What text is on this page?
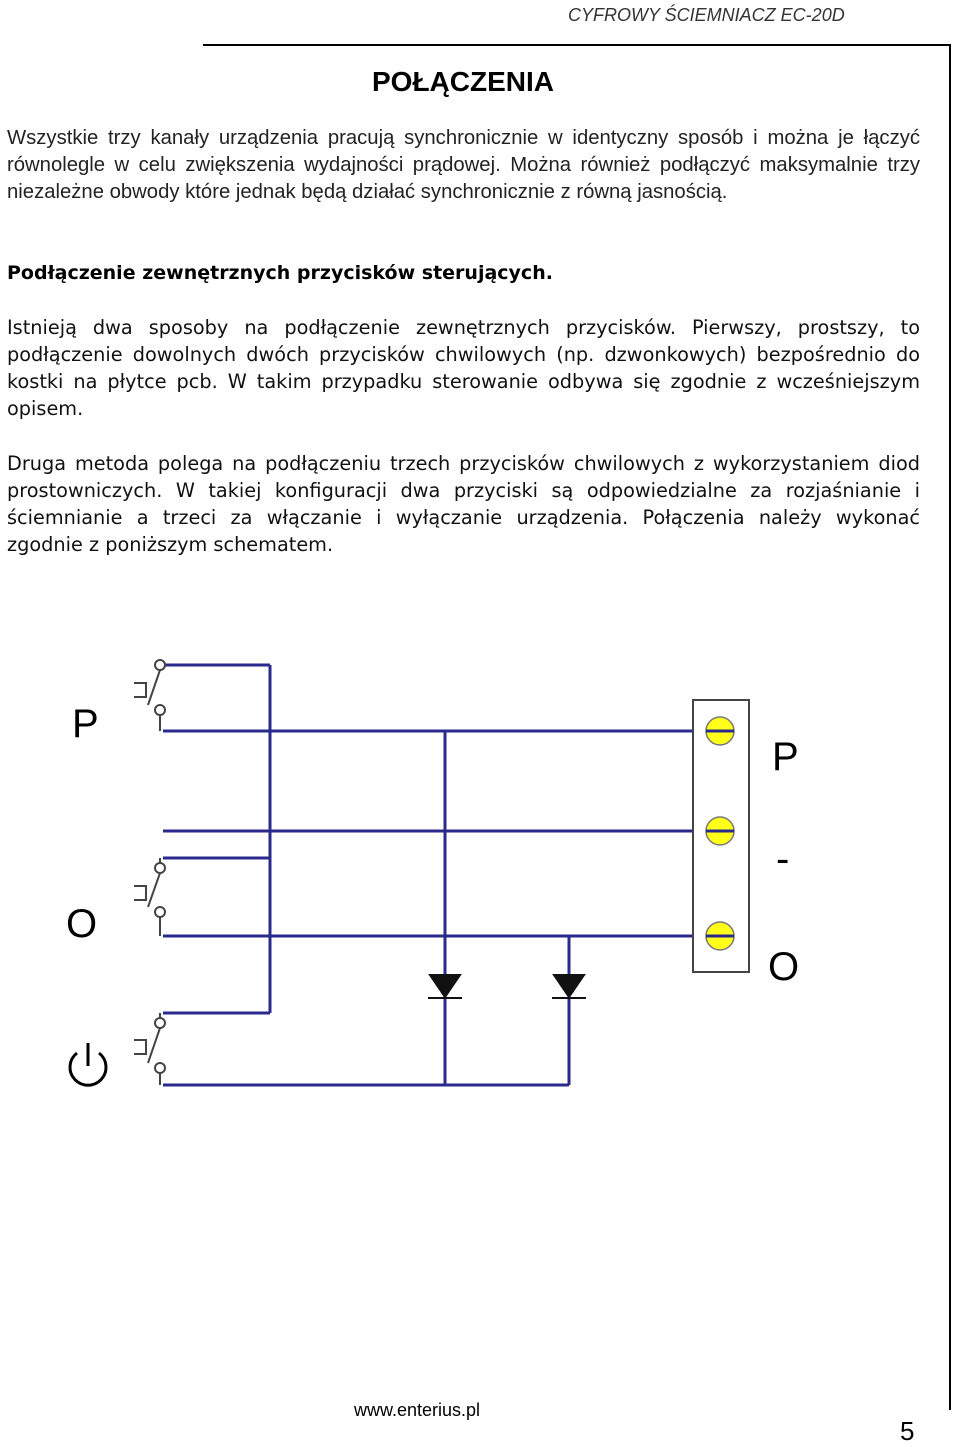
CYFROWY ŚCIEMNIACZ EC-20D
POŁĄCZENIA

Wszystkie trzy kanały urządzenia pracują synchronicznie w identyczny sposób i można je łączyć równolegle w celu zwiększenia wydajności prądowej. Można również podłączyć maksymalnie trzy niezależne obwody które jednak będą działać synchronicznie z równą jasnością.

Podłączenie zewnętrznych przycisków sterujących.

Istnieją dwa sposoby na podłączenie zewnętrznych przycisków. Pierwszy, prostszy, to podłączenie dowolnych dwóch przycisków chwilowych (np. dzwonkowych) bezpośrednio do kostki na płytce pcb. W takim przypadku sterowanie odbywa się zgodnie z wcześniejszym opisem.

Druga metoda polega na podłączeniu trzech przycisków chwilowych z wykorzystaniem diod prostowniczych. W takiej konfiguracji dwa przyciski są odpowiedzialne za rozjaśnianie i ściemnianie a trzeci za włączanie i wyłączanie urządzenia. Połączenia należy wykonać zgodnie z poniższym schematem.

P
O
P
-
O
www.enterius.pl
5
